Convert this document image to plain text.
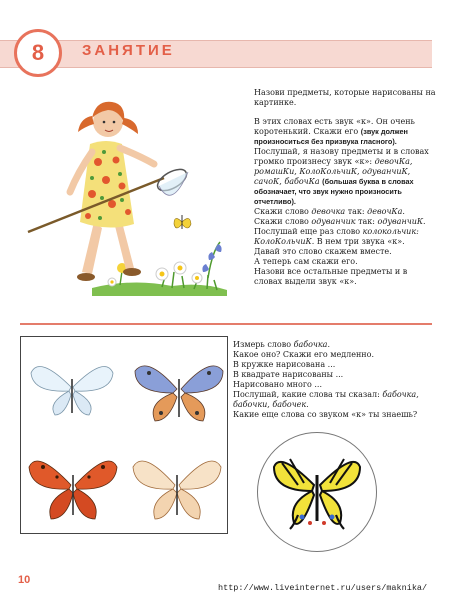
8	ЗАНЯТИЕ

Назови предметы, которые нарисованы на картинке.

В этих словах есть звук «к». Он очень коротенький. Скажи его (звук должен произноситься без призвука гласного).

Послушай, я назову предметы и в словах громко произнесу звук «к»: девочКа, ромашКи, КолоКольчиК, одуванчиК, сачоК, бабочКа (большая буква в словах обозначает, что звук нужно произносить отчетливо).

Скажи слово девочка так: девочКа.

Скажи слово одуванчик так: одуванчиК.

Послушай еще раз слово колокольчик: КолоКольчиК. В нем три звука «к».

Давай это слово скажем вместе.

А теперь сам скажи его.

Назови все остальные предметы и в словах выдели звук «к».

Измерь слово бабочка.

Какое оно? Скажи его медленно.

В кружке нарисована ...

В квадрате нарисованы ...

Нарисовано много ...

Послушай, какие слова ты сказал: бабочка, бабочки, бабочек.

Какие еще слова со звуком «к» ты знаешь?

10
http://www.liveinternet.ru/users/maknika/
